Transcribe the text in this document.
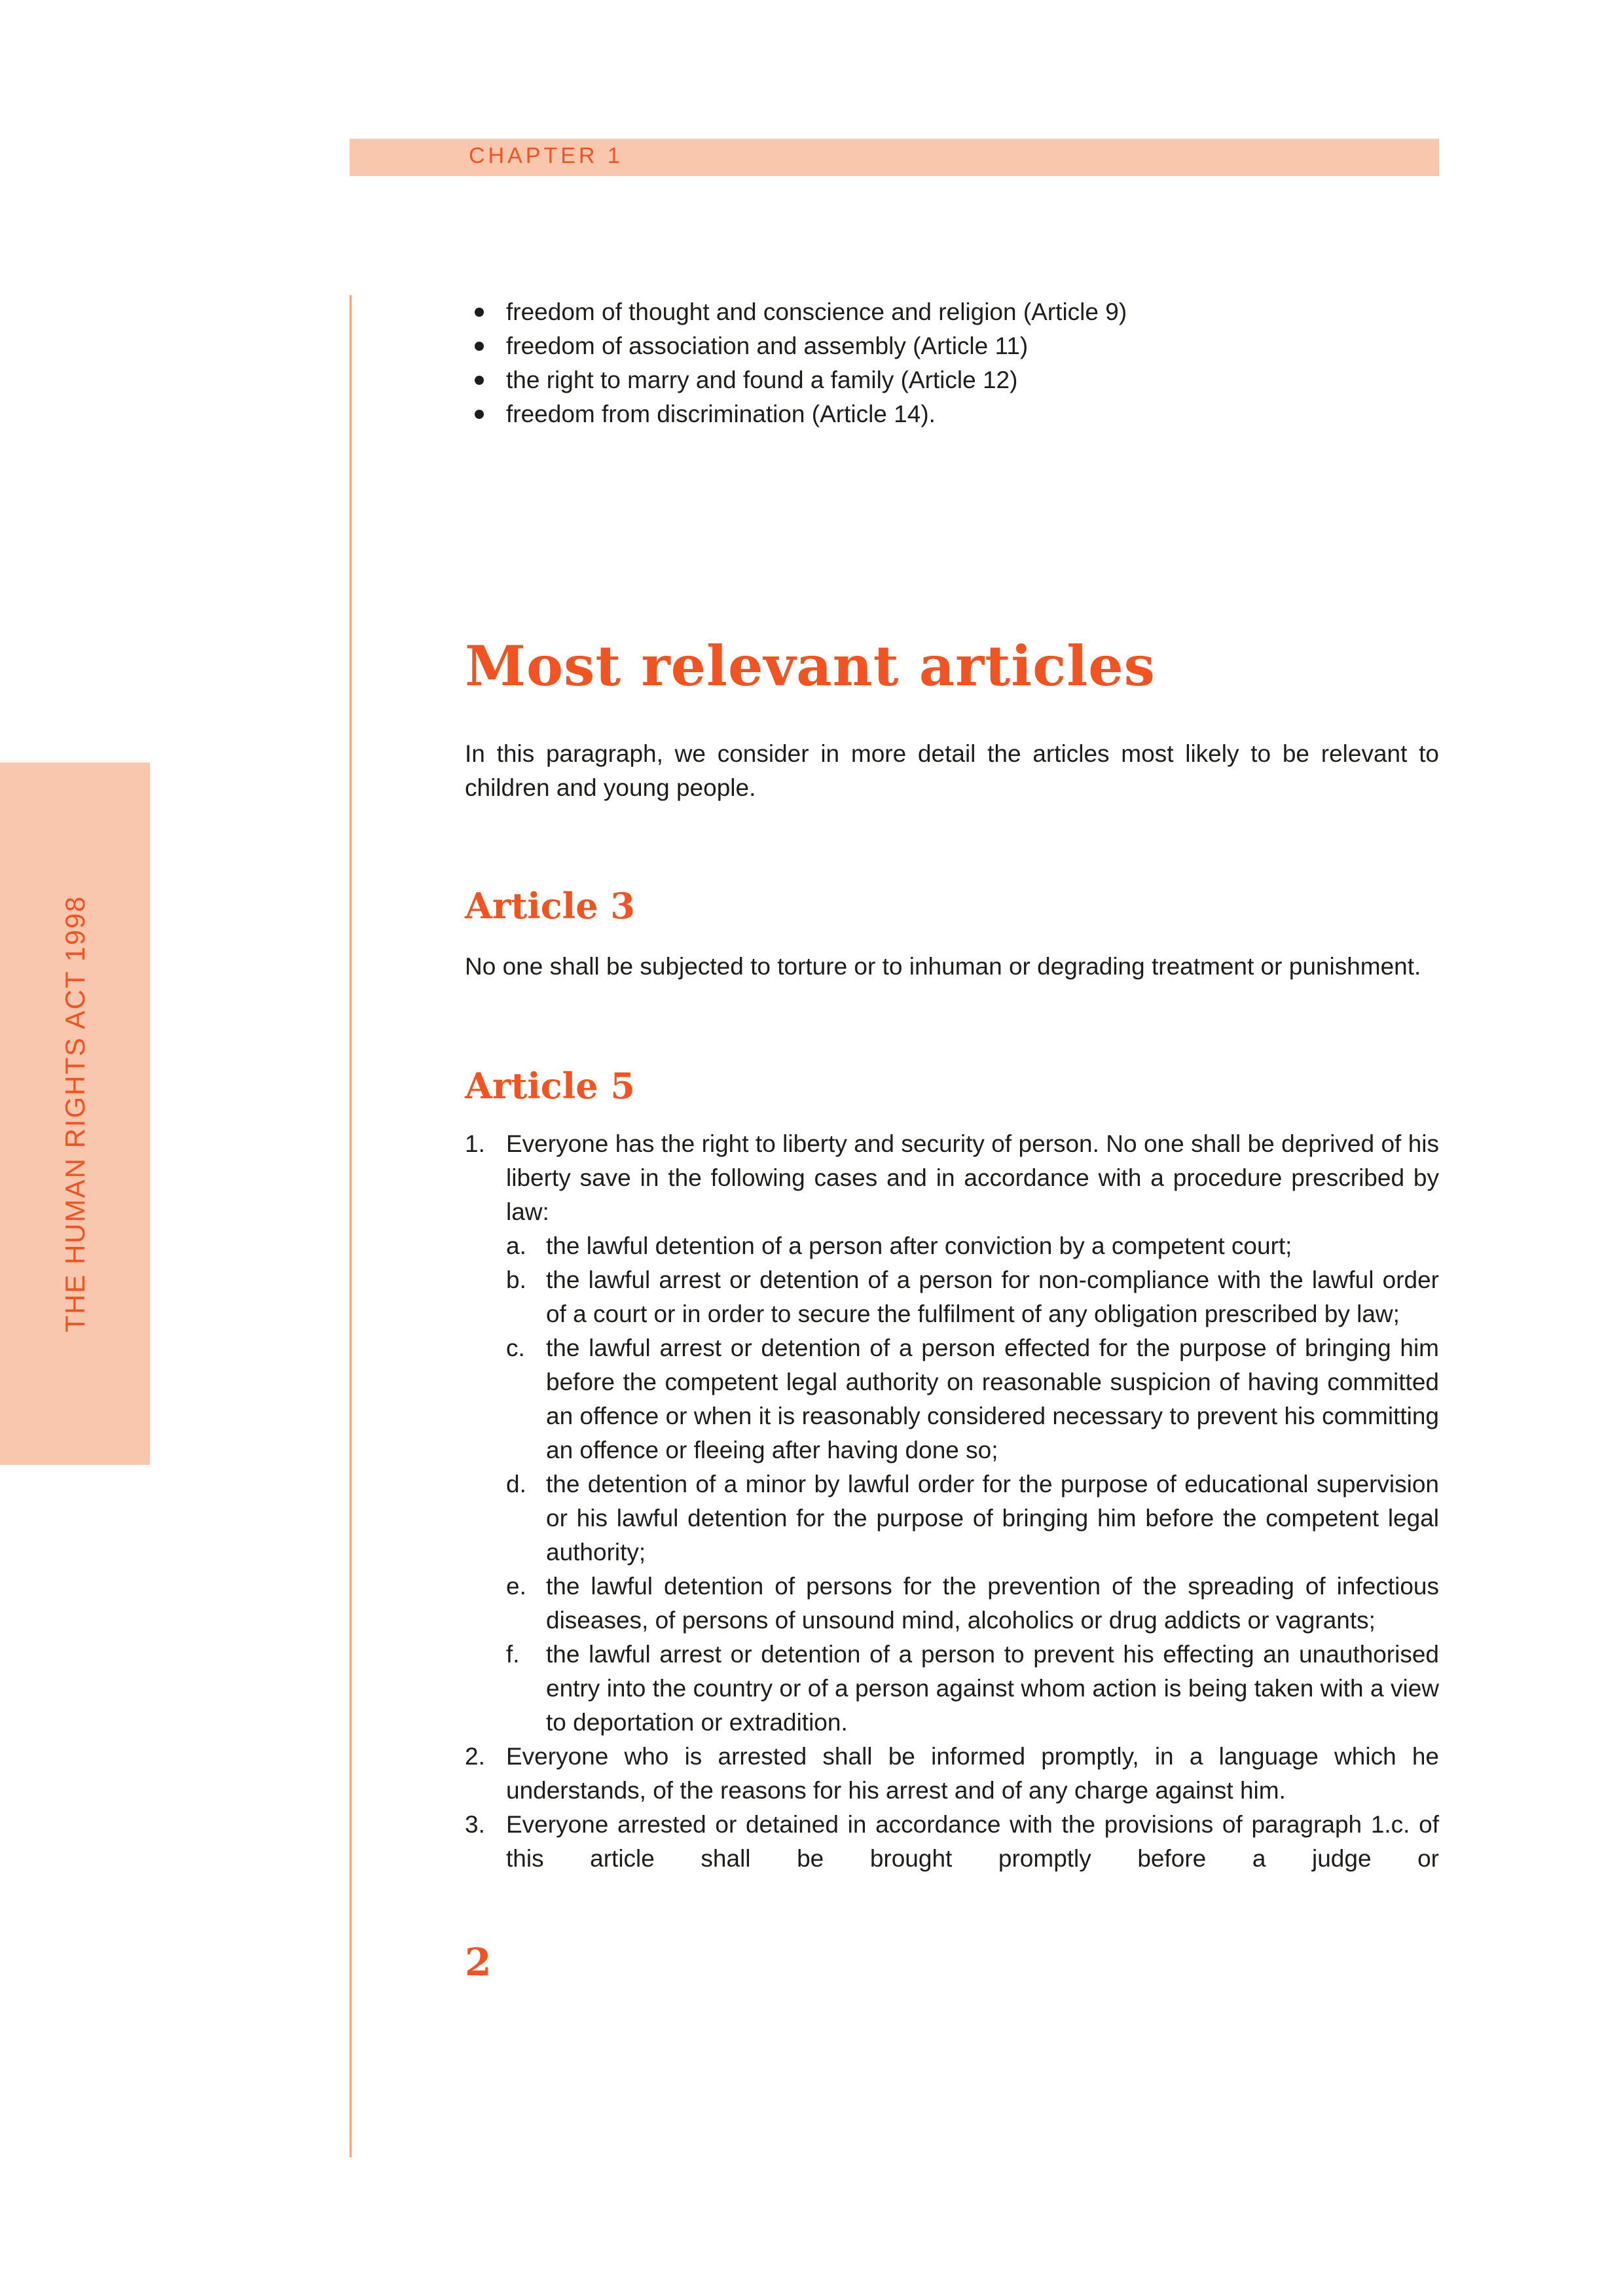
CHAPTER 1
THE HUMAN RIGHTS ACT 1998
freedom of thought and conscience and religion (Article 9)
freedom of association and assembly (Article 11)
the right to marry and found a family (Article 12)
freedom from discrimination (Article 14).
Most relevant articles

In this paragraph, we consider in more detail the articles most likely to be relevant to children and young people.

Article 3

No one shall be subjected to torture or to inhuman or degrading treatment or punishment.

Article 5
1. Everyone has the right to liberty and security of person. No one shall be deprived of his liberty save in the following cases and in accordance with a procedure prescribed by law:

a. the lawful detention of a person after conviction by a competent court;

b. the lawful arrest or detention of a person for non-compliance with the lawful order of a court or in order to secure the fulfilment of any obligation prescribed by law;

c. the lawful arrest or detention of a person effected for the purpose of bringing him before the competent legal authority on reasonable suspicion of having committed an offence or when it is reasonably considered necessary to prevent his committing an offence or fleeing after having done so;

d. the detention of a minor by lawful order for the purpose of educational supervision or his lawful detention for the purpose of bringing him before the competent legal authority;

e. the lawful detention of persons for the prevention of the spreading of infectious diseases, of persons of unsound mind, alcoholics or drug addicts or vagrants;

f.	the lawful arrest or detention of a person to prevent his effecting an unauthorised entry into the country or of a person against whom action is being taken with a view to deportation or extradition.

2. Everyone who is arrested shall be informed promptly, in a language which he understands, of the reasons for his arrest and of any charge against him.

3. Everyone arrested or detained in accordance with the provisions of paragraph 1.c. of this article shall be brought promptly before a judge or

2
